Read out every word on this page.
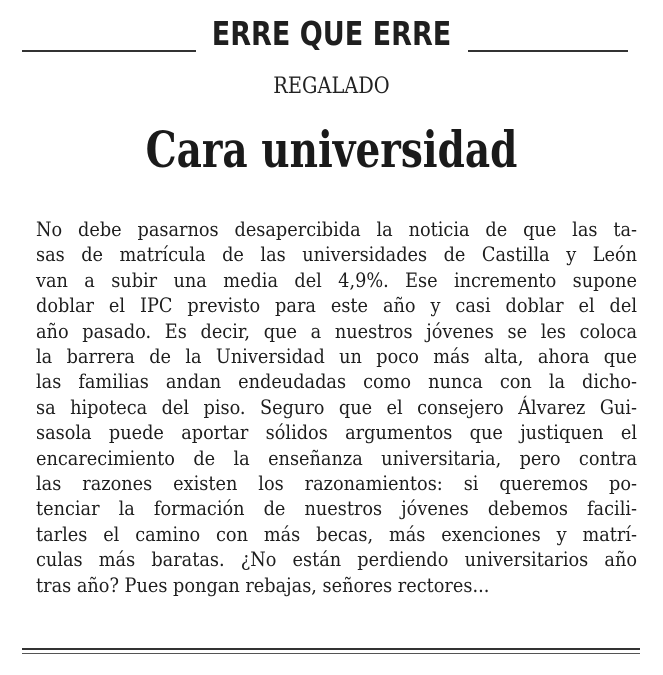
ERRE QUE ERRE
REGALADO
Cara universidad
No debe pasarnos desapercibida la noticia de que las ta-
sas de matrícula de las universidades de Castilla y León
van a subir una media del 4,9%. Ese incremento supone
doblar el IPC previsto para este año y casi doblar el del
año pasado. Es decir, que a nuestros jóvenes se les coloca
la barrera de la Universidad un poco más alta, ahora que
las familias andan endeudadas como nunca con la dicho-
sa hipoteca del piso. Seguro que el consejero Álvarez Gui-
sasola puede aportar sólidos argumentos que justiquen el
encarecimiento de la enseñanza universitaria, pero contra
las razones existen los razonamientos: si queremos po-
tenciar la formación de nuestros jóvenes debemos facili-
tarles el camino con más becas, más exenciones y matrí-
culas más baratas. ¿No están perdiendo universitarios año
tras año? Pues pongan rebajas, señores rectores...
